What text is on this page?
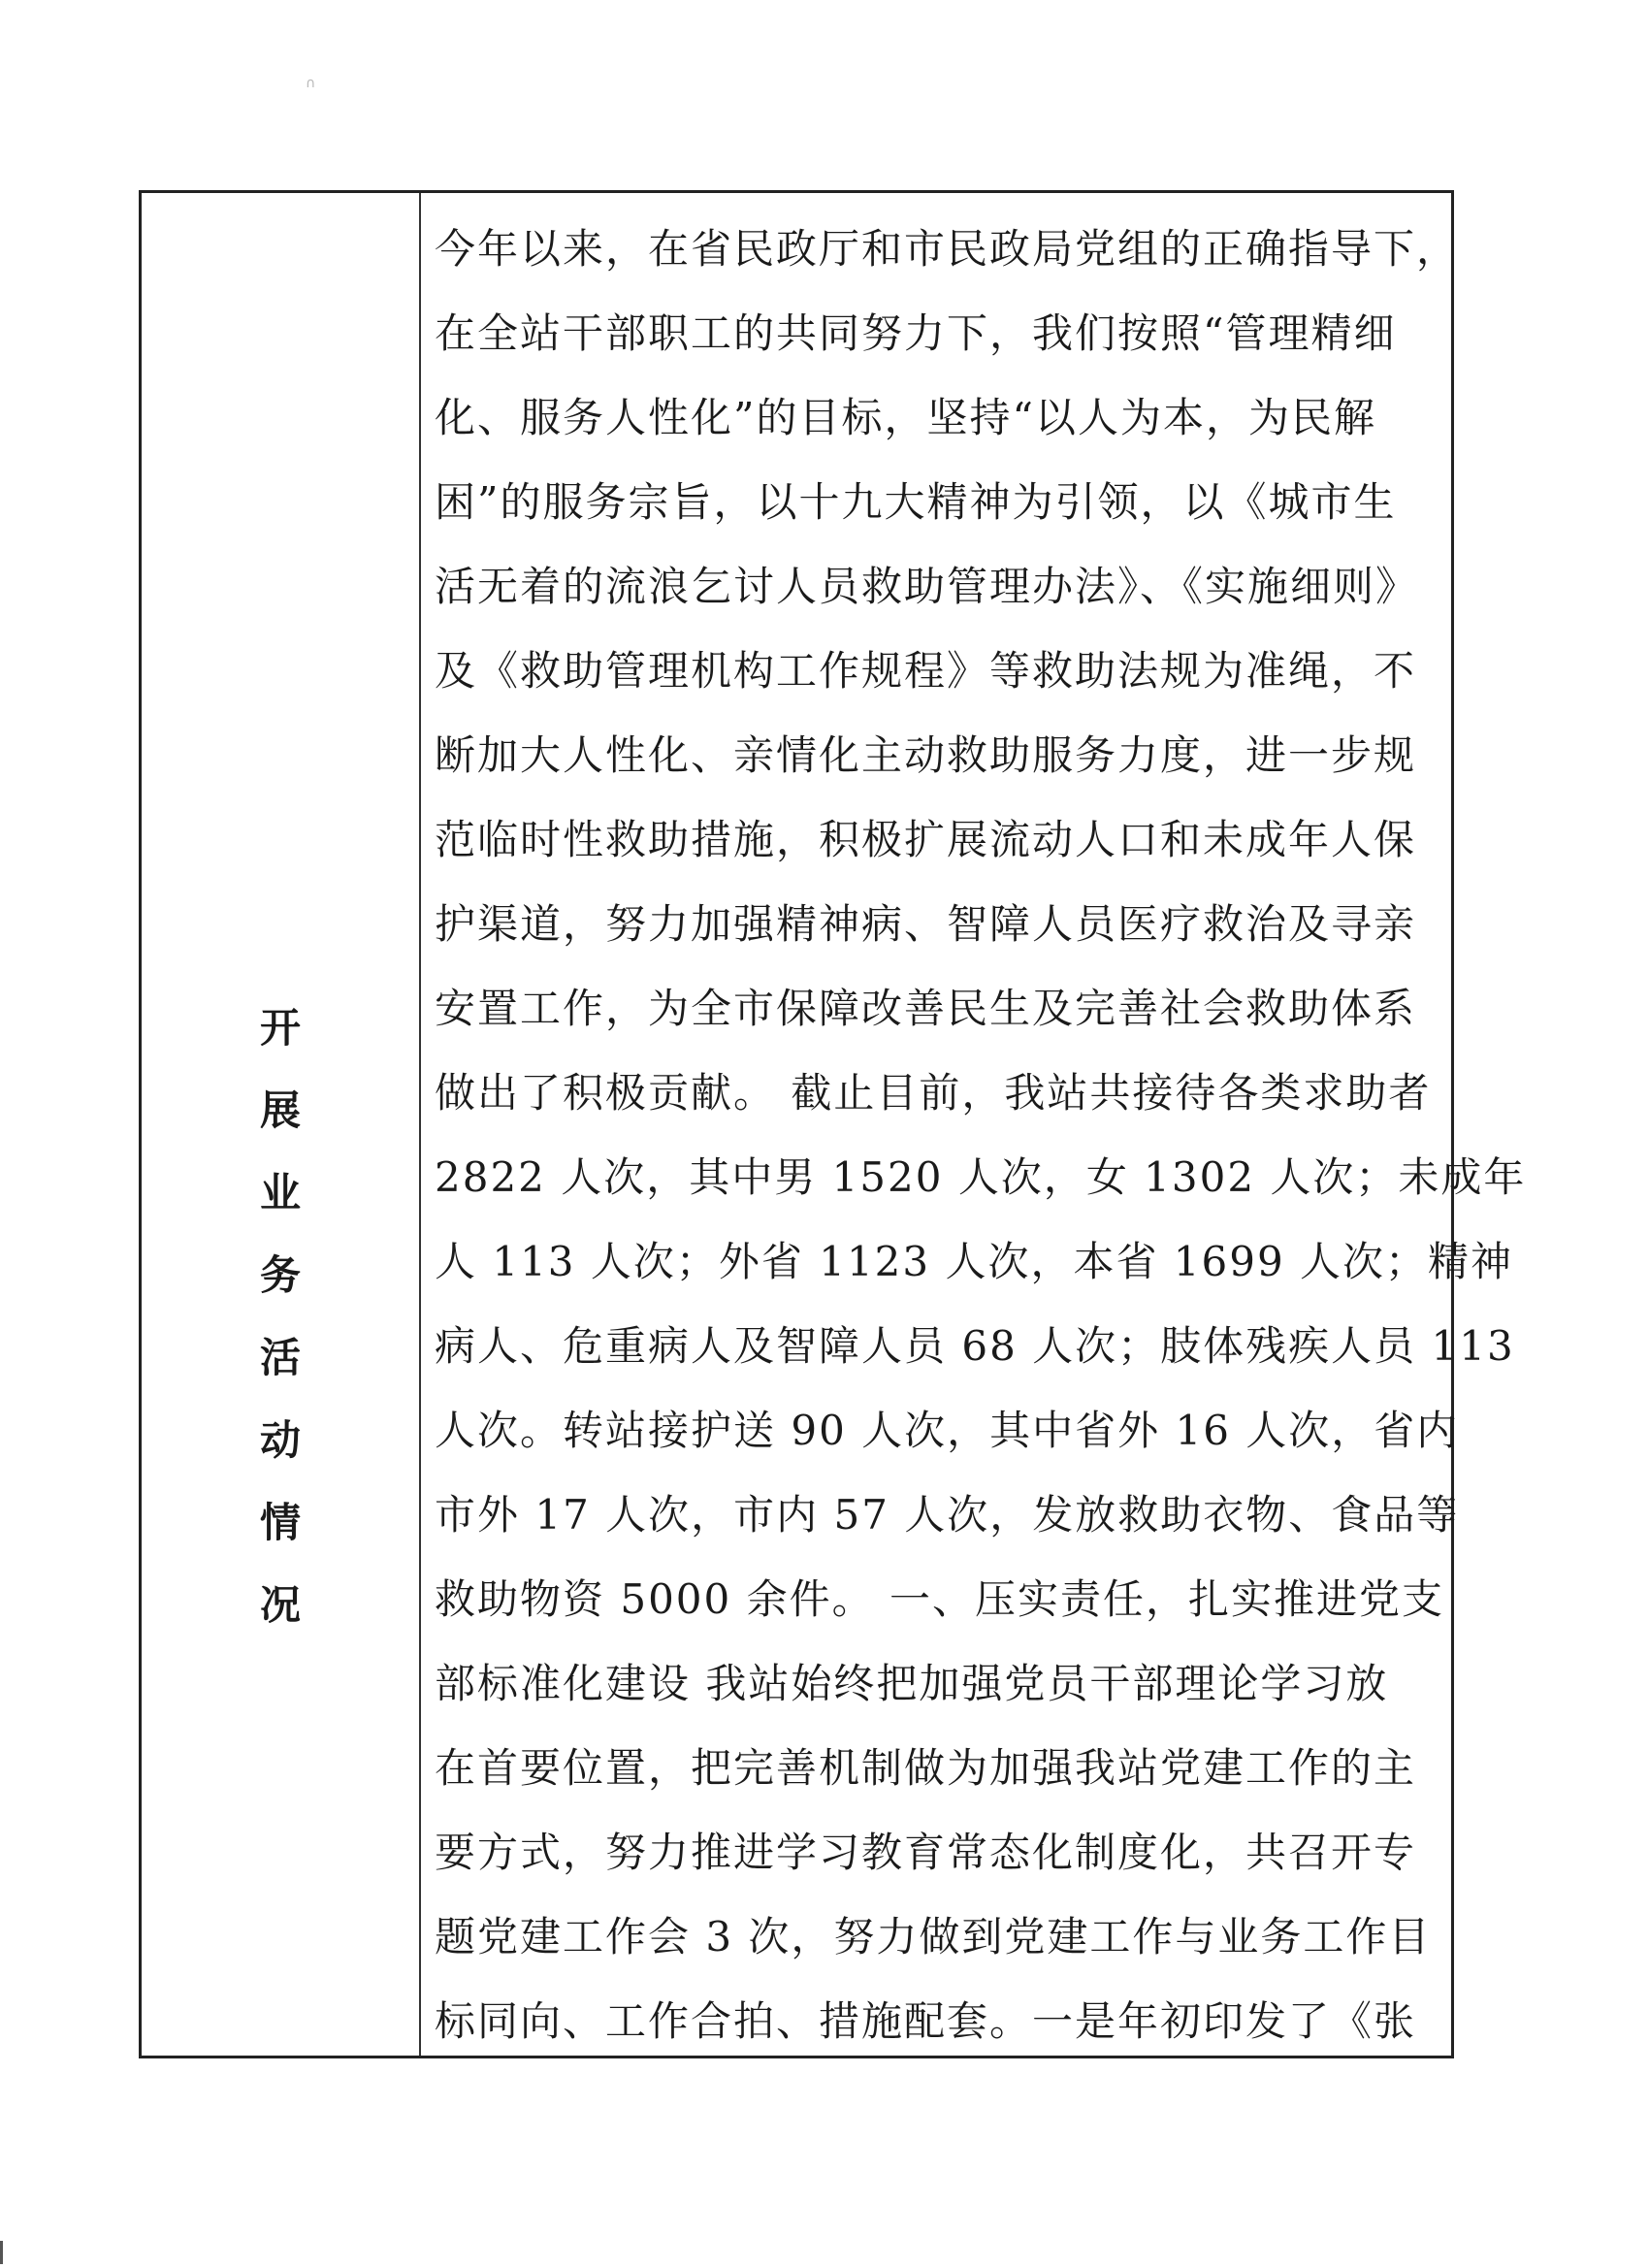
∩
开
展
业
务
活
动
情
况
今年以来，在省民政厅和市民政局党组的正确指导下，
在全站干部职工的共同努力下，我们按照“管理精细
化、服务人性化”的目标，坚持“以人为本，为民解
困”的服务宗旨，以十九大精神为引领，以《城市生
活无着的流浪乞讨人员救助管理办法》、《实施细则》
及《救助管理机构工作规程》等救助法规为准绳，不
断加大人性化、亲情化主动救助服务力度，进一步规
范临时性救助措施，积极扩展流动人口和未成年人保
护渠道，努力加强精神病、智障人员医疗救治及寻亲
安置工作，为全市保障改善民生及完善社会救助体系
做出了积极贡献。 截止目前，我站共接待各类求助者
2822 人次，其中男 1520 人次，女 1302 人次；未成年
人 113 人次；外省 1123 人次，本省 1699 人次；精神
病人、危重病人及智障人员 68 人次；肢体残疾人员 113
人次。转站接护送 90 人次，其中省外 16 人次，省内
市外 17 人次，市内 57 人次，发放救助衣物、食品等
救助物资 5000 余件。 一、压实责任，扎实推进党支
部标准化建设 我站始终把加强党员干部理论学习放
在首要位置，把完善机制做为加强我站党建工作的主
要方式，努力推进学习教育常态化制度化，共召开专
题党建工作会 3 次，努力做到党建工作与业务工作目
标同向、工作合拍、措施配套。一是年初印发了《张
